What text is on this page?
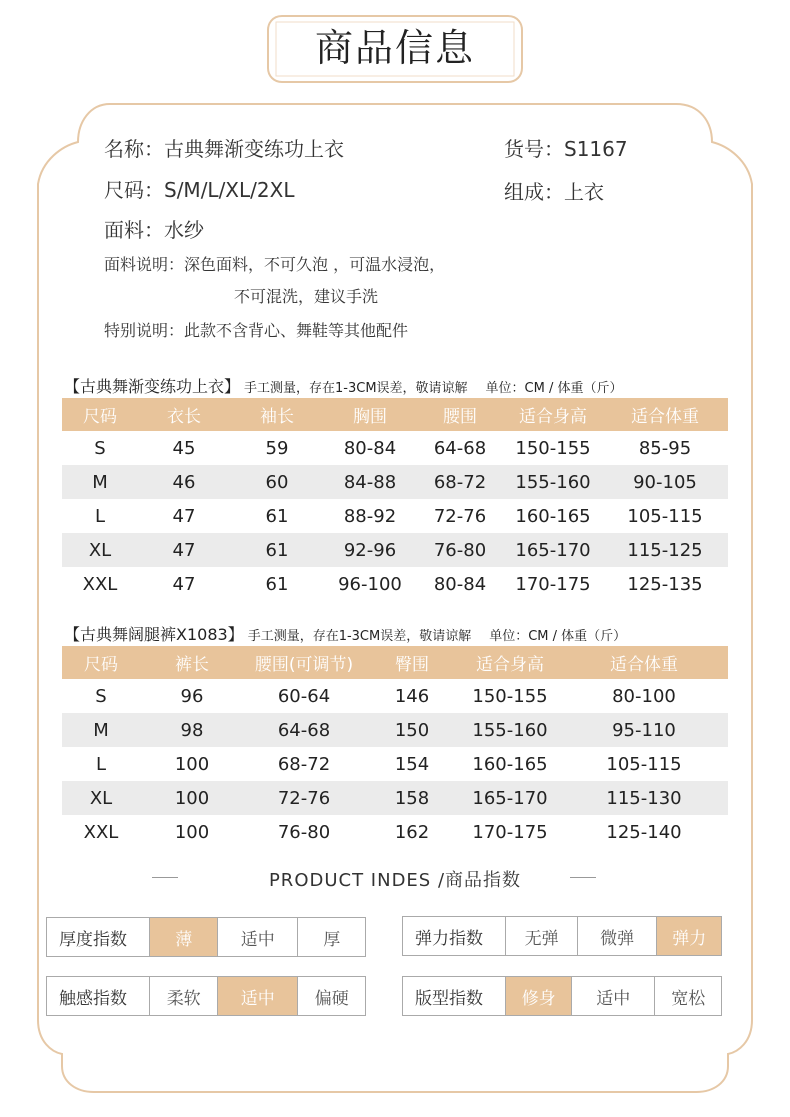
商品信息
名称：古典舞渐变练功上衣	货号：S1167
尺码：S/M/L/XL/2XL	组成：上衣
面料：水纱
面料说明：深色面料，不可久泡 ，可温水浸泡，
不可混洗，建议手洗
特别说明：此款不含背心、舞鞋等其他配件
【古典舞渐变练功上衣】 手工测量，存在1-3CM误差，敬请谅解 单位：CM / 体重（斤）
尺码	衣长	袖长	胸围	腰围	适合身高	适合体重
S	45	59	80-84	64-68	150-155	85-95
M	46	60	84-88	68-72	155-160	90-105
L	47	61	88-92	72-76	160-165	105-115
XL	47	61	92-96	76-80	165-170	115-125
XXL	47	61	96-100	80-84	170-175	125-135
【古典舞阔腿裤X1083】 手工测量，存在1-3CM误差，敬请谅解 单位：CM / 体重（斤）
尺码	裤长	腰围(可调节)	臀围	适合身高	适合体重
S	96	60-64	146	150-155	80-100
M	98	64-68	150	155-160	95-110
L	100	68-72	154	160-165	105-115
XL	100	72-76	158	165-170	115-130
XXL	100	76-80	162	170-175	125-140
PRODUCT INDES /商品指数
厚度指数	薄	适中	厚	弹力指数	无弹	微弹	弹力
触感指数	柔软	适中	偏硬	版型指数	修身	适中	宽松
